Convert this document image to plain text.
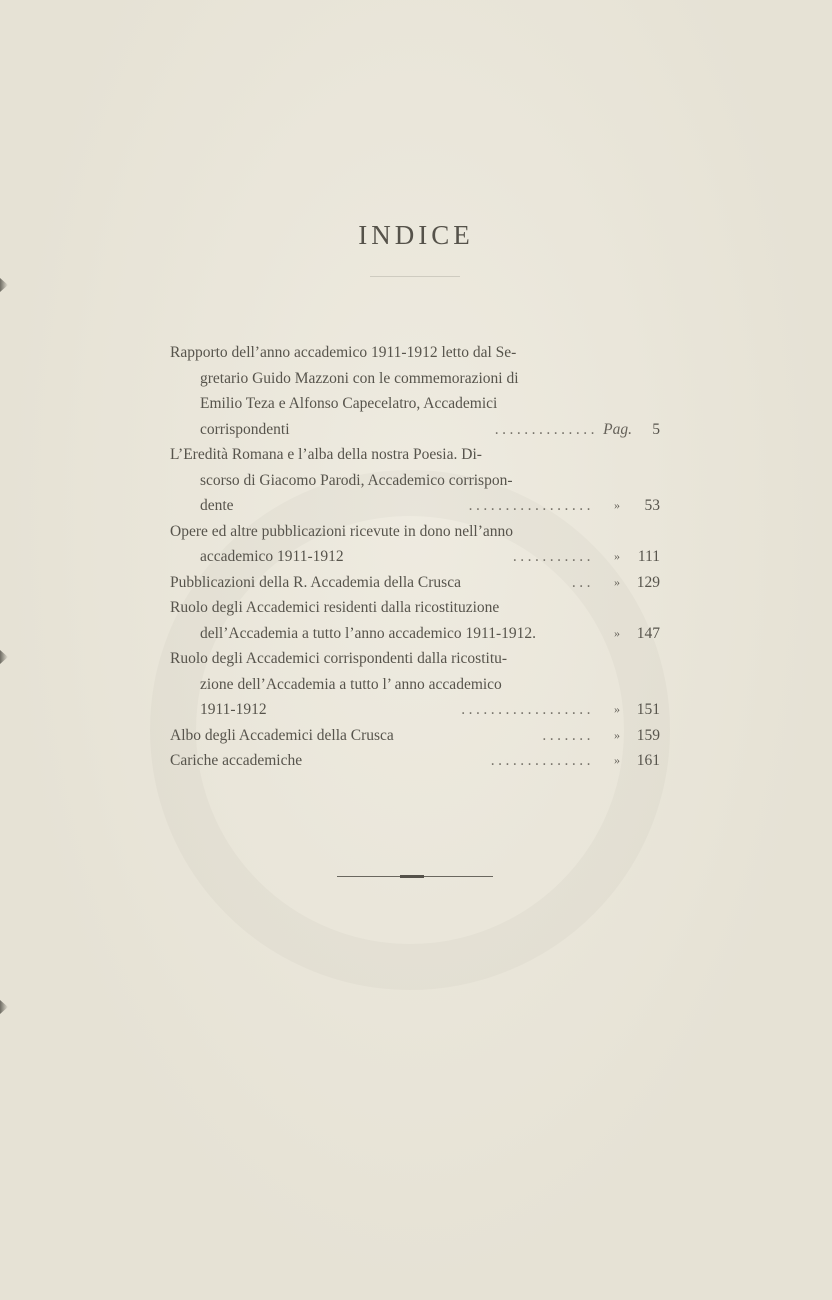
INDICE
Rapporto dell’anno accademico 1911-1912 letto dal Se-
gretario Guido Mazzoni con le commemorazioni di
Emilio Teza e Alfonso Capecelatro, Accademici
corrispondenti	.............. Pag.	5
L’Eredità Romana e l’alba della nostra Poesia. Di-
scorso di Giacomo Parodi, Accademico corrispon-
dente	.................	»	53
Opere ed altre pubblicazioni ricevute in dono nell’anno
accademico 1911-1912	...........	»	111
Pubblicazioni della R. Accademia della Crusca	...	»	129
Ruolo degli Accademici residenti dalla ricostituzione
dell’Accademia a tutto l’anno accademico 1911-1912.	»	147
Ruolo degli Accademici corrispondenti dalla ricostitu-
zione dell’Accademia a tutto l’ anno accademico
1911-1912	..................	»	151
Albo degli Accademici della Crusca	.......	»	159
Cariche accademiche	..............	»	161
